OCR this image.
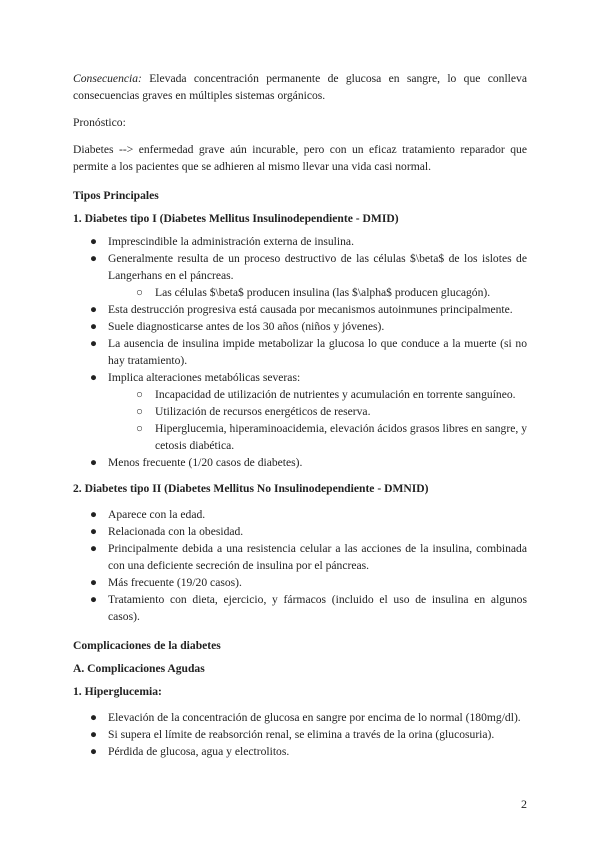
Consecuencia: Elevada concentración permanente de glucosa en sangre, lo que conlleva consecuencias graves en múltiples sistemas orgánicos.

Pronóstico:

Diabetes --> enfermedad grave aún incurable, pero con un eficaz tratamiento reparador que permite a los pacientes que se adhieren al mismo llevar una vida casi normal.

Tipos Principales

1. Diabetes tipo I (Diabetes Mellitus Insulinodependiente - DMID)

● Imprescindible la administración externa de insulina.
● Generalmente resulta de un proceso destructivo de las células $\beta$ de los islotes de Langerhans en el páncreas.
○ Las células $\beta$ producen insulina (las $\alpha$ producen glucagón).
● Esta destrucción progresiva está causada por mecanismos autoinmunes principalmente.
● Suele diagnosticarse antes de los 30 años (niños y jóvenes).
● La ausencia de insulina impide metabolizar la glucosa lo que conduce a la muerte (si no hay tratamiento).
● Implica alteraciones metabólicas severas:
○ Incapacidad de utilización de nutrientes y acumulación en torrente sanguíneo.
○ Utilización de recursos energéticos de reserva.
○ Hiperglucemia, hiperaminoacidemia, elevación ácidos grasos libres en sangre, y cetosis diabética.
● Menos frecuente (1/20 casos de diabetes).

2. Diabetes tipo II (Diabetes Mellitus No Insulinodependiente - DMNID)

● Aparece con la edad.
● Relacionada con la obesidad.
● Principalmente debida a una resistencia celular a las acciones de la insulina, combinada con una deficiente secreción de insulina por el páncreas.
● Más frecuente (19/20 casos).
● Tratamiento con dieta, ejercicio, y fármacos (incluido el uso de insulina en algunos casos).

Complicaciones de la diabetes

A. Complicaciones Agudas

1. Hiperglucemia:

● Elevación de la concentración de glucosa en sangre por encima de lo normal (180mg/dl).
● Si supera el límite de reabsorción renal, se elimina a través de la orina (glucosuria).
● Pérdida de glucosa, agua y electrolitos.
2
